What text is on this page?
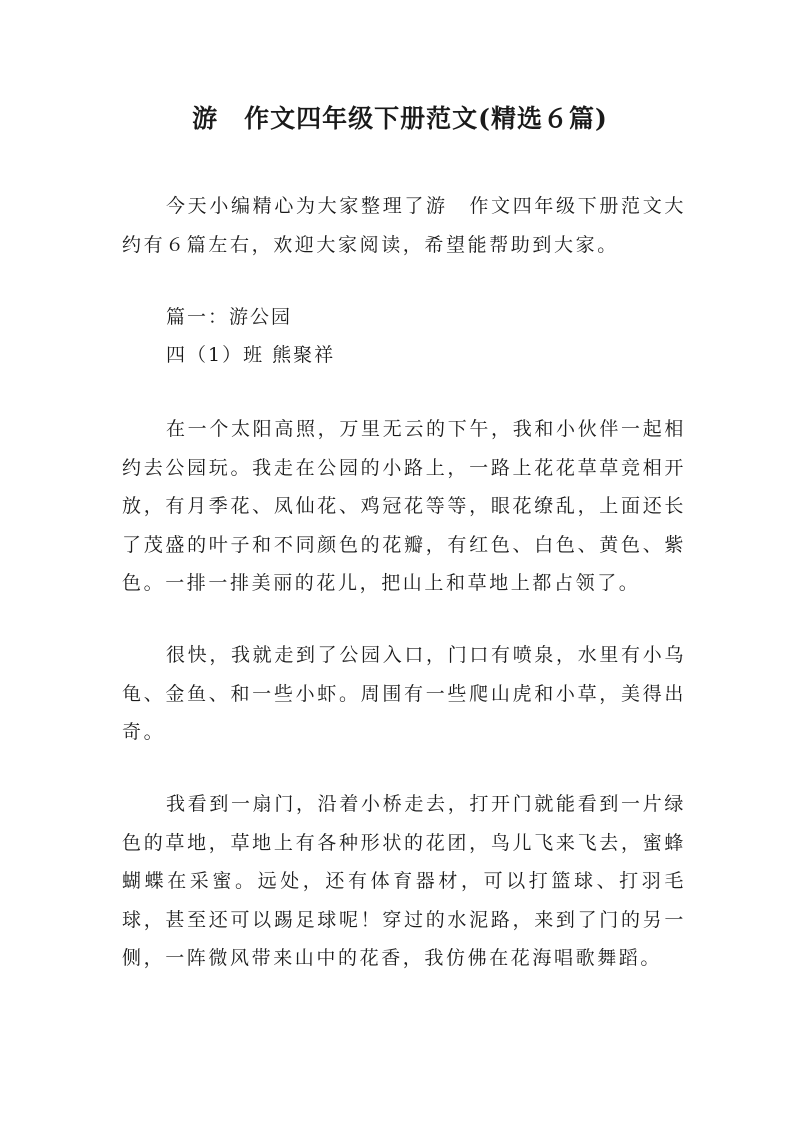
游　作文四年级下册范文(精选６篇)

今天小编精心为大家整理了游　作文四年级下册范文大约有６篇左右，欢迎大家阅读，希望能帮助到大家。

篇一：游公园
四（1）班 熊聚祥

在一个太阳高照，万里无云的下午，我和小伙伴一起相约去公园玩。我走在公园的小路上，一路上花花草草竞相开放，有月季花、凤仙花、鸡冠花等等，眼花缭乱，上面还长了茂盛的叶子和不同颜色的花瓣，有红色、白色、黄色、紫色。一排一排美丽的花儿，把山上和草地上都占领了。

很快，我就走到了公园入口，门口有喷泉，水里有小乌龟、金鱼、和一些小虾。周围有一些爬山虎和小草，美得出奇。

我看到一扇门，沿着小桥走去，打开门就能看到一片绿色的草地，草地上有各种形状的花团，鸟儿飞来飞去，蜜蜂蝴蝶在采蜜。远处，还有体育器材，可以打篮球、打羽毛球，甚至还可以踢足球呢！穿过的水泥路，来到了门的另一侧，一阵微风带来山中的花香，我仿佛在花海唱歌舞蹈。
